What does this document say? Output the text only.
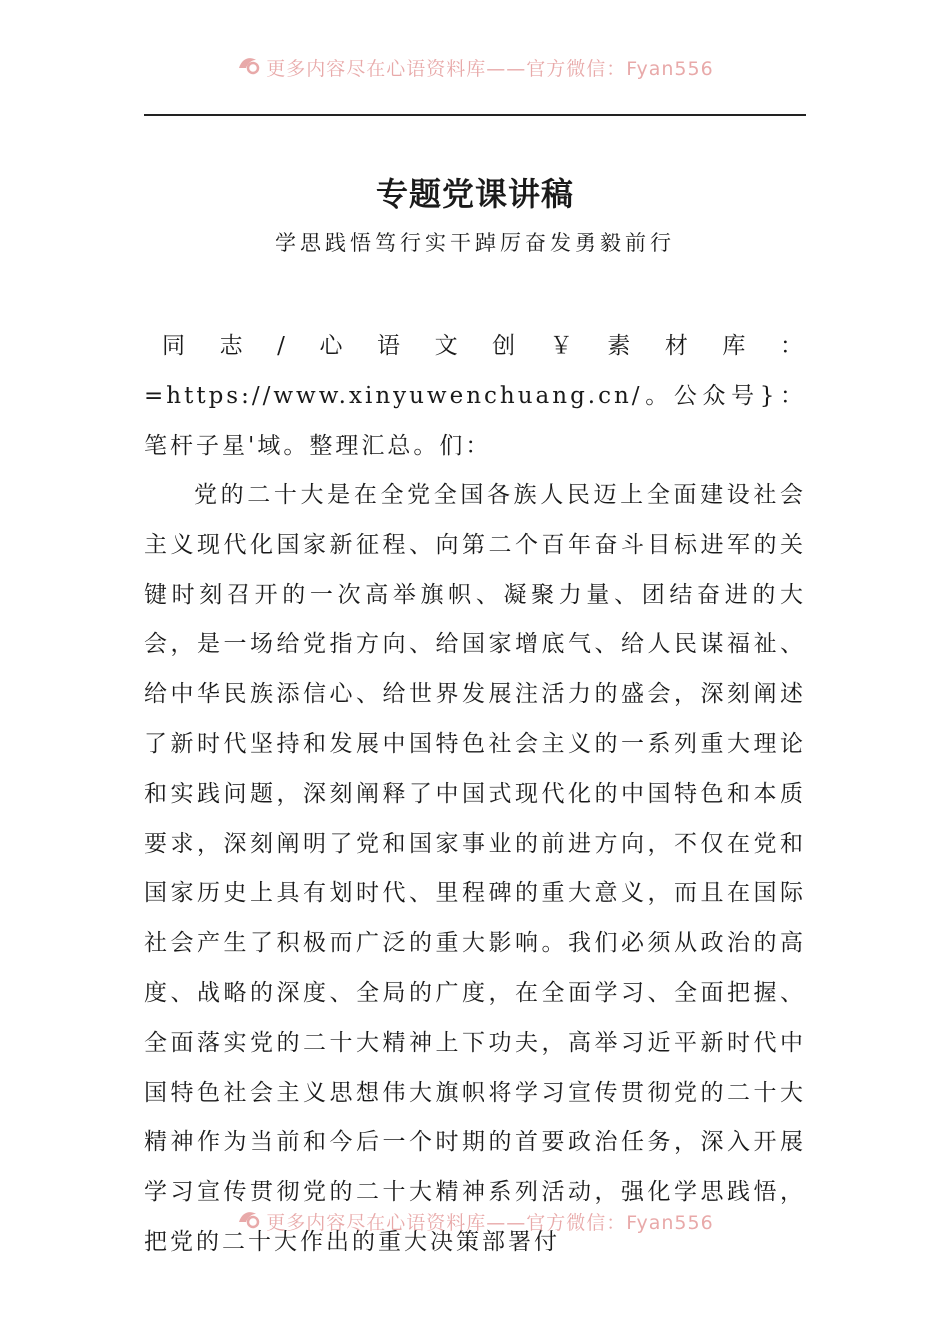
更多内容尽在心语资料库——官方微信：Fyan556
专题党课讲稿
学思践悟笃行实干踔厉奋发勇毅前行

同志/心语文创￥素材库：=https://www.xinyuwenchuang.cn/。公众号}：笔杆子星'域。整理汇总。们：

党的二十大是在全党全国各族人民迈上全面建设社会主义现代化国家新征程、向第二个百年奋斗目标进军的关键时刻召开的一次高举旗帜、凝聚力量、团结奋进的大会，是一场给党指方向、给国家增底气、给人民谋福祉、给中华民族添信心、给世界发展注活力的盛会，深刻阐述了新时代坚持和发展中国特色社会主义的一系列重大理论和实践问题，深刻阐释了中国式现代化的中国特色和本质要求，深刻阐明了党和国家事业的前进方向，不仅在党和国家历史上具有划时代、里程碑的重大意义，而且在国际社会产生了积极而广泛的重大影响。我们必须从政治的高度、战略的深度、全局的广度，在全面学习、全面把握、全面落实党的二十大精神上下功夫，高举习近平新时代中国特色社会主义思想伟大旗帜将学习宣传贯彻党的二十大精神作为当前和今后一个时期的首要政治任务，深入开展学习宣传贯彻党的二十大精神系列活动，强化学思践悟，把党的二十大作出的重大决策部署付

更多内容尽在心语资料库——官方微信：Fyan556
